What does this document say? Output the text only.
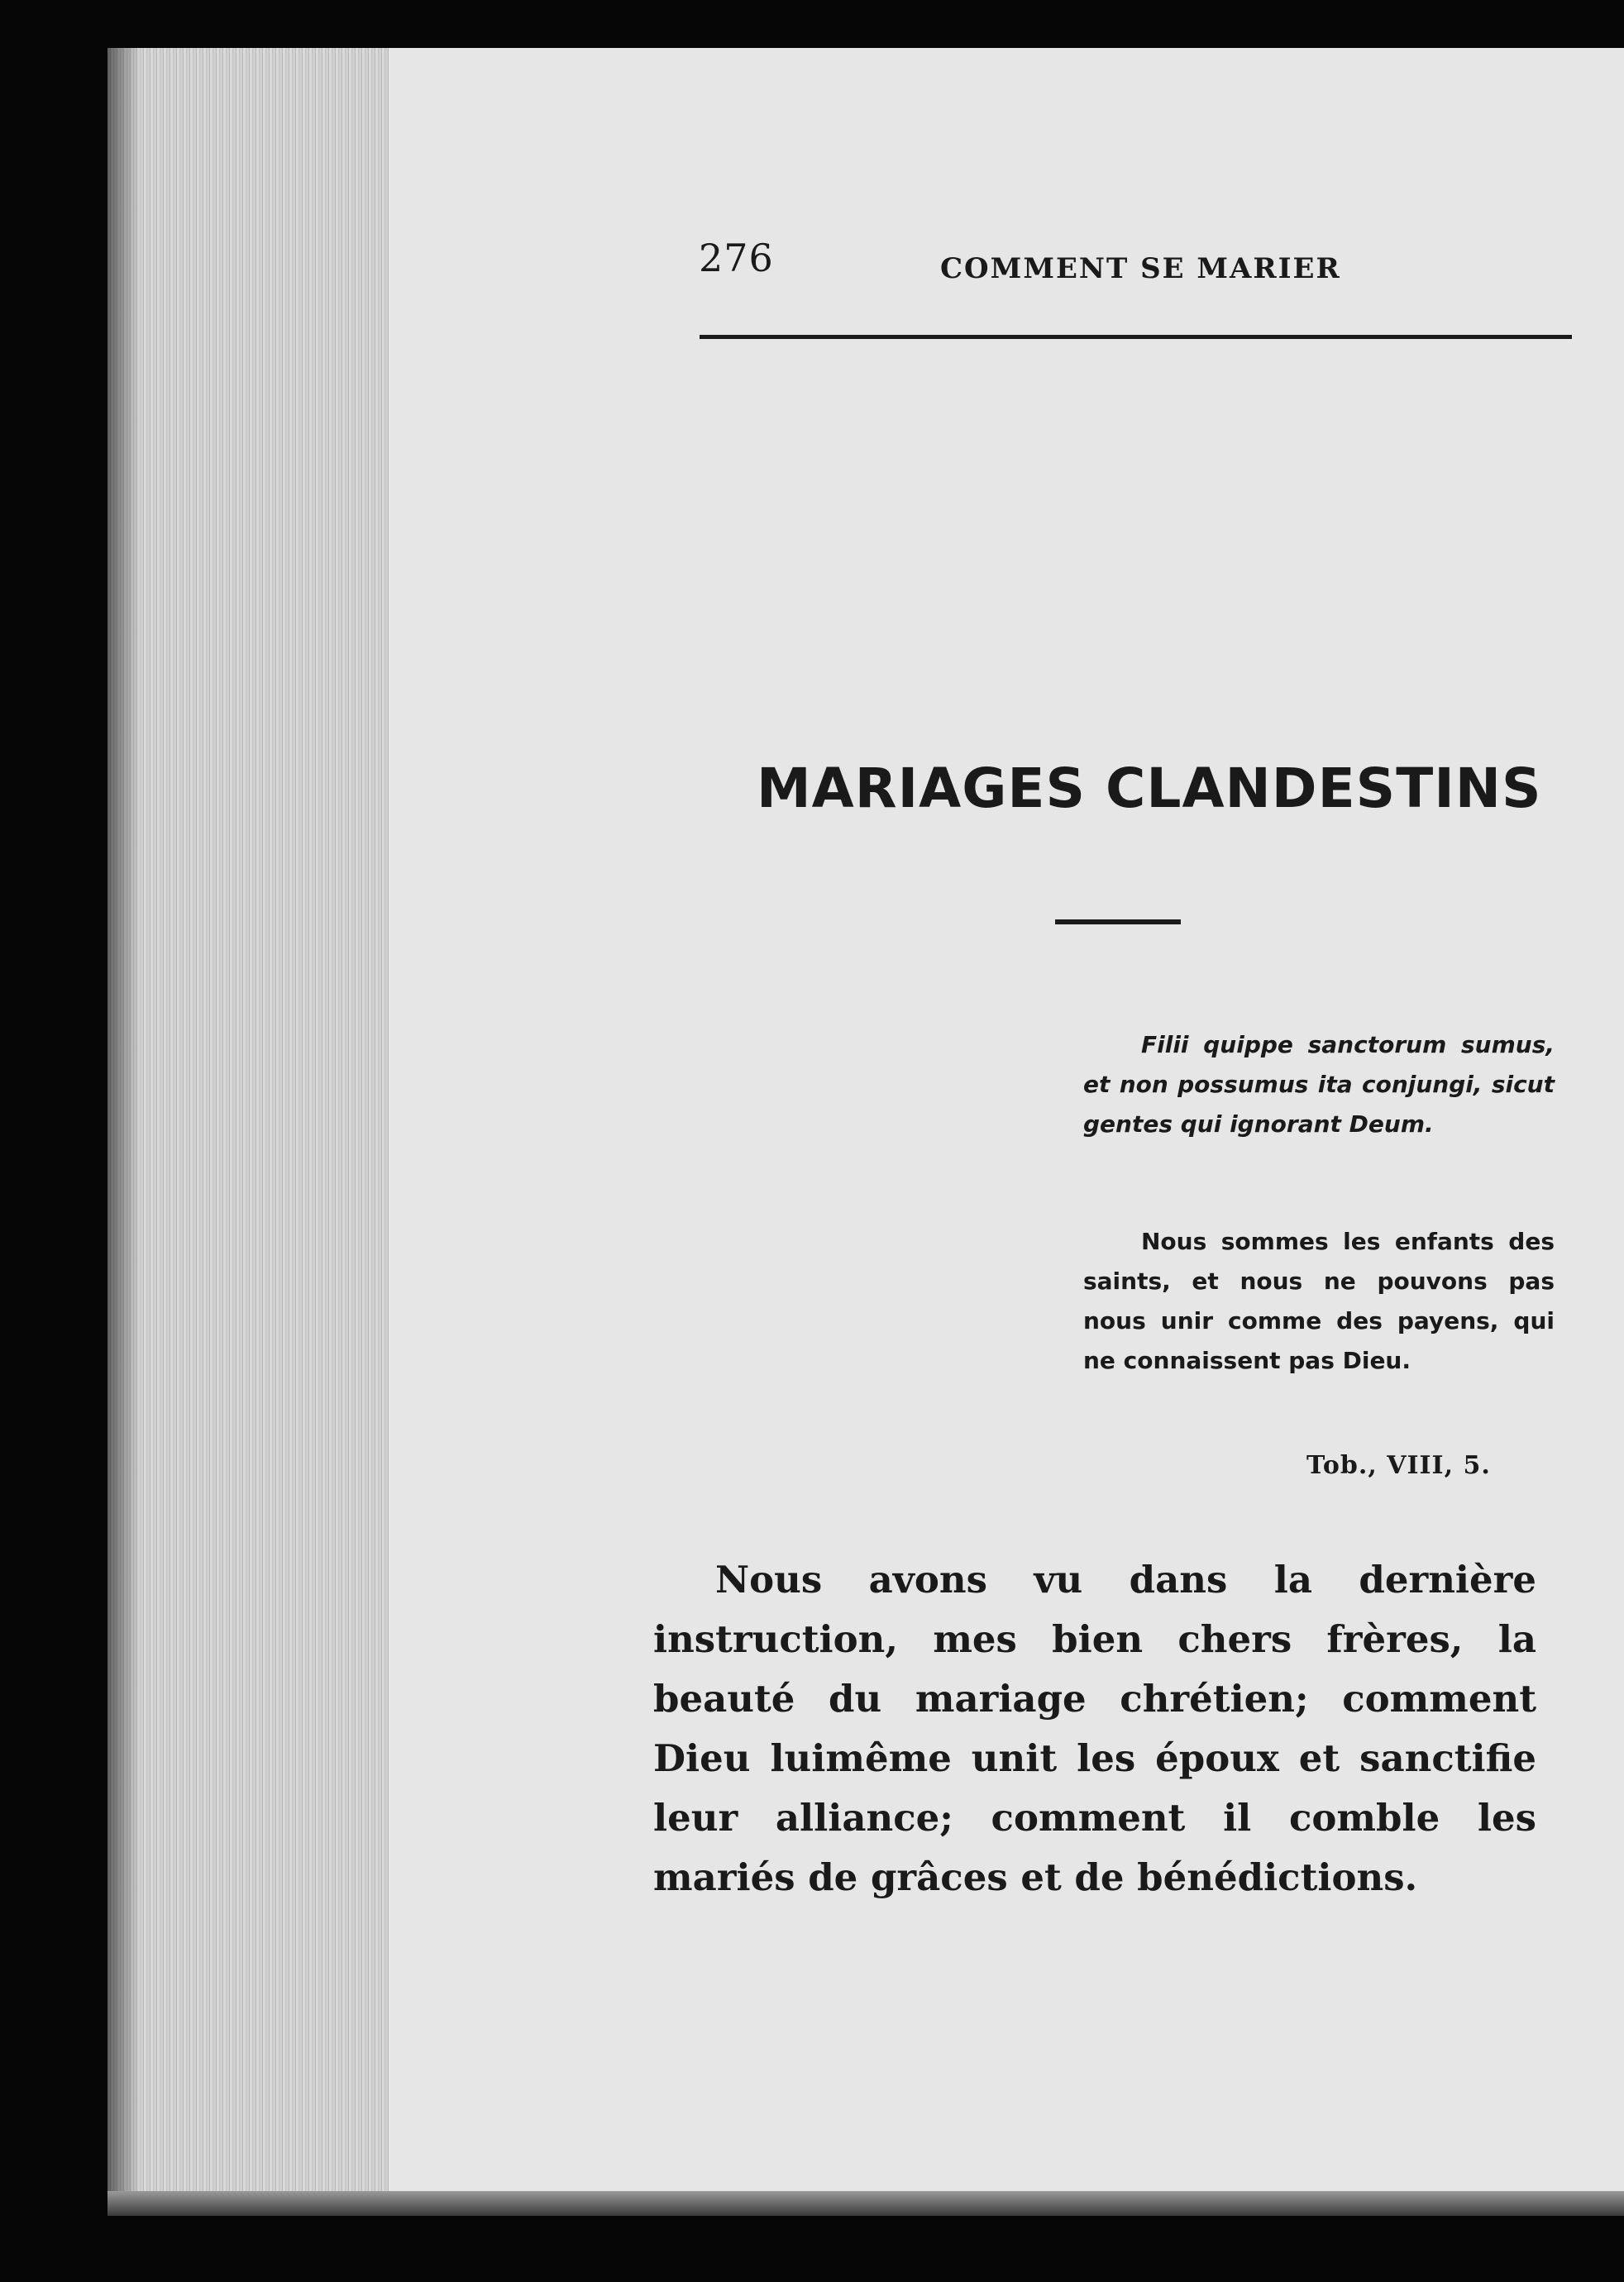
276	COMMENT SE MARIER
MARIAGES CLANDESTINS

Filii quippe sanctorum sumus, et non possumus ita conjungi, sicut gentes qui ignorant Deum.

Nous sommes les enfants des saints, et nous ne pouvons pas nous unir comme des payens, qui ne connaissent pas Dieu.

Tob., VIII, 5.

Nous avons vu dans la dernière instruction, mes bien chers frères, la beauté du mariage chrétien; comment Dieu luimême unit les époux et sanctifie leur alliance; comment il comble les mariés de grâces et de bénédictions.
